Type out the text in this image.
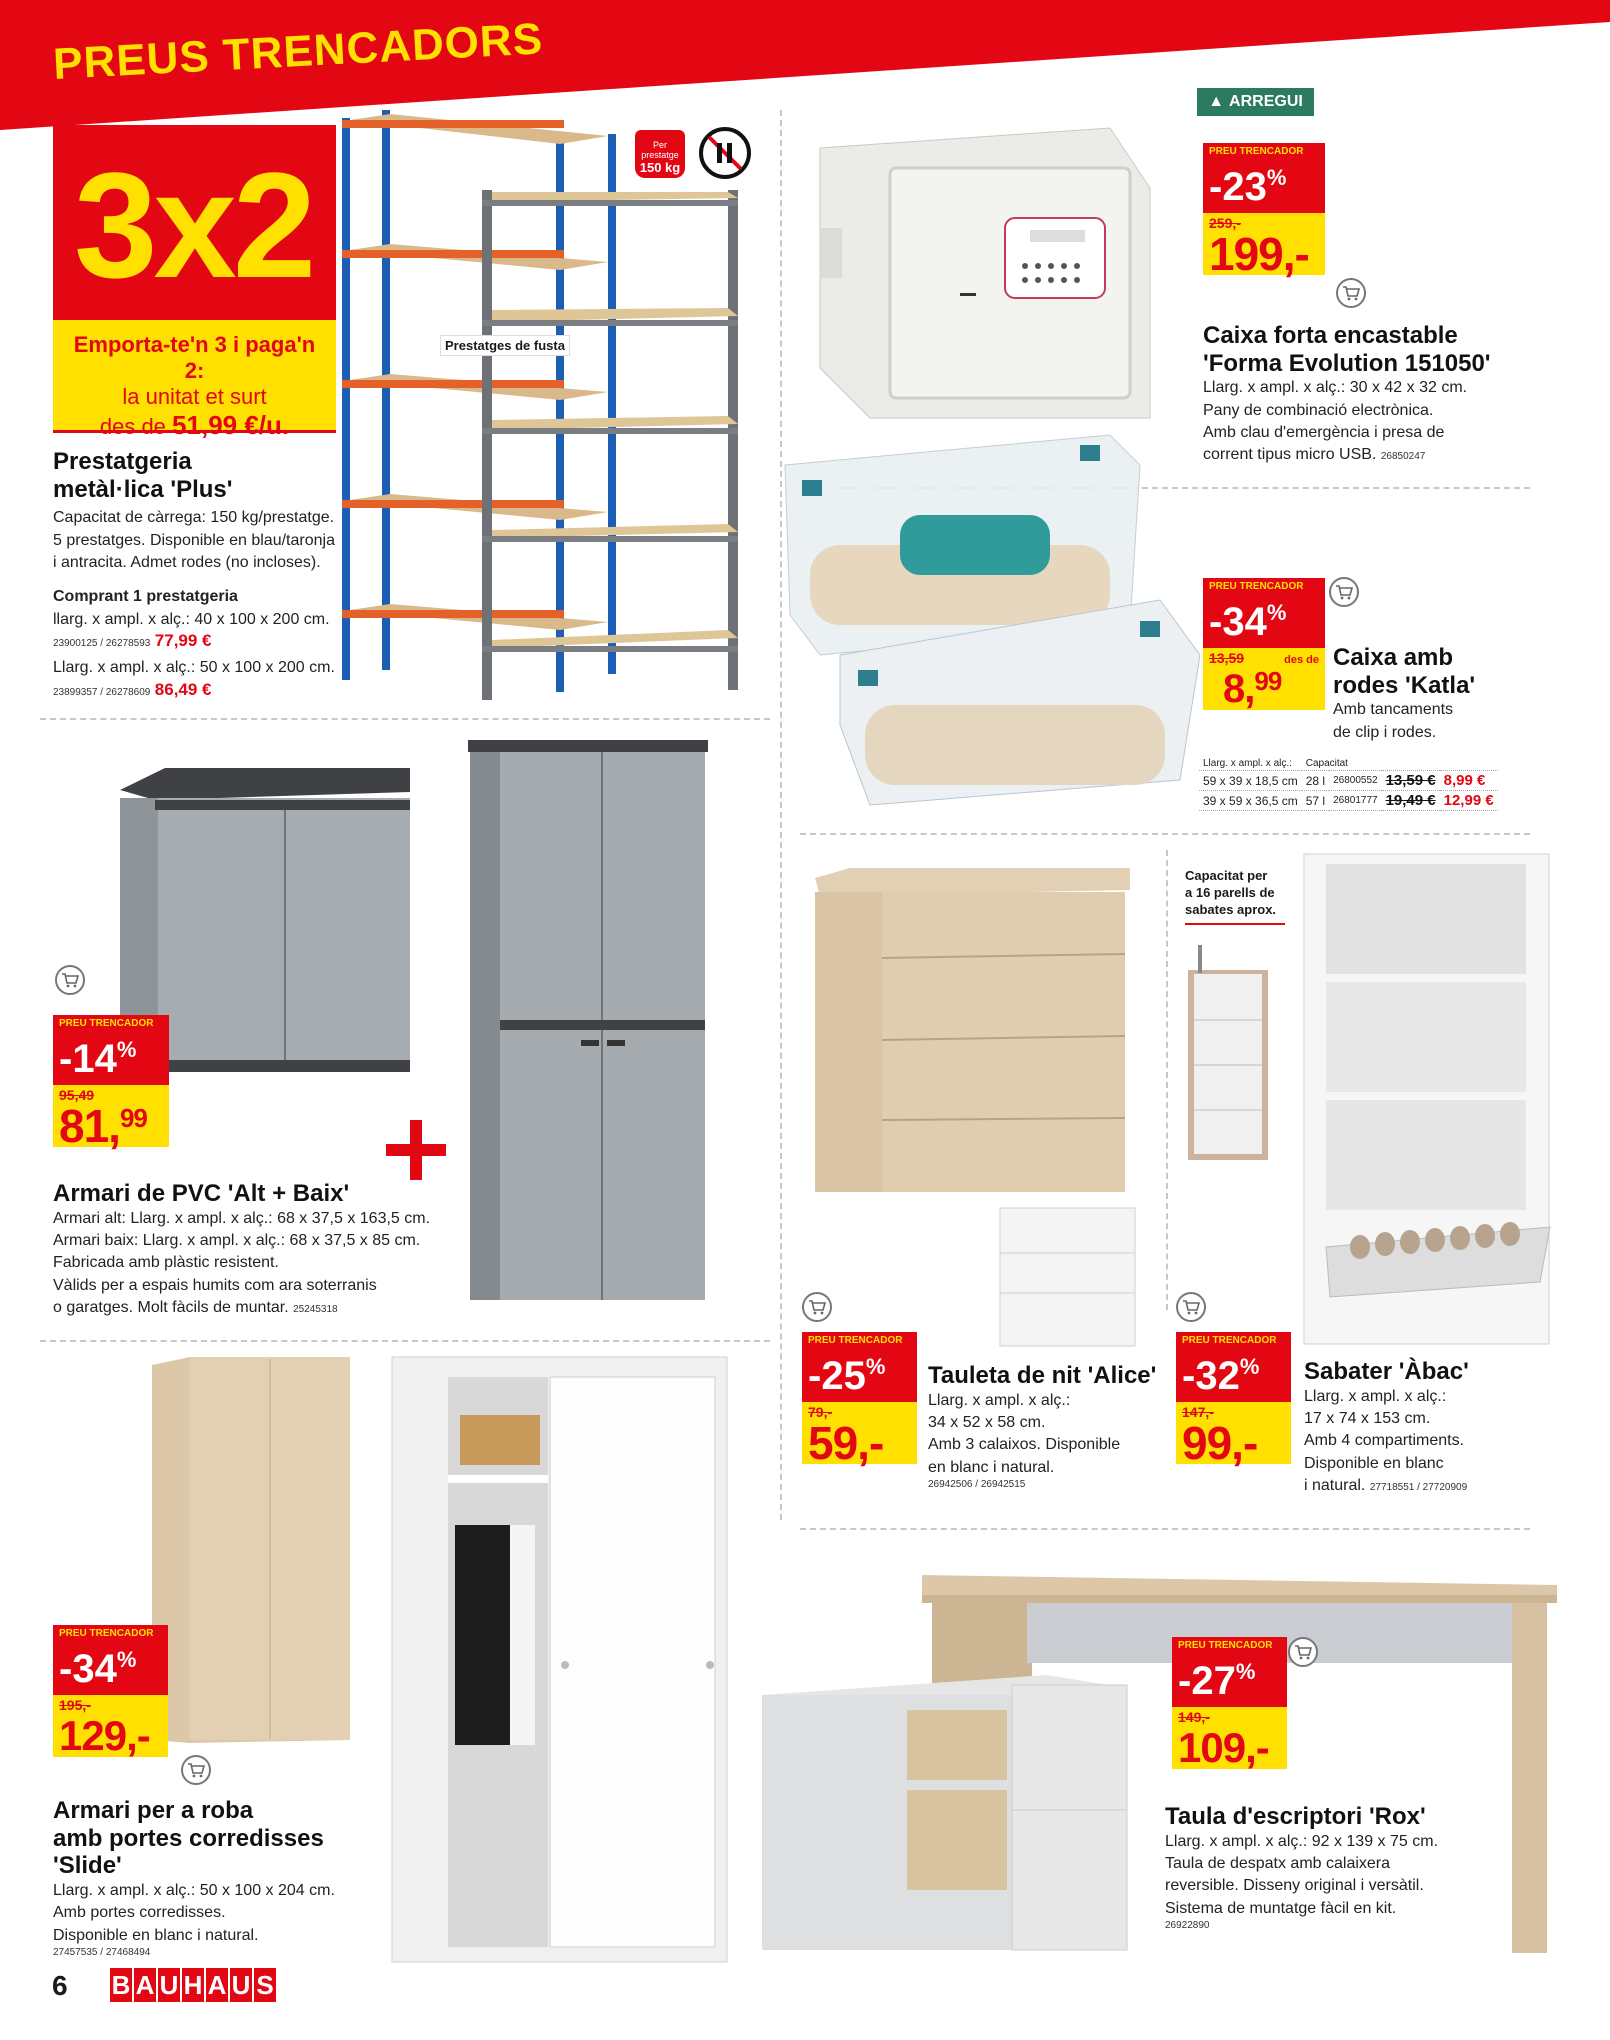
PREUS TRENCADORS
3x2
Emporta-te'n 3 i paga'n 2:
la unitat et surt
des de 51,99 €/u.
Prestatges de fusta
Per prestatge
150 kg
Prestatgeria
metàl·lica 'Plus'
Capacitat de càrrega: 150 kg/prestatge.
5 prestatges. Disponible en blau/taronja
i antracita. Admet rodes (no incloses).
Comprant 1 prestatgeria
llarg. x ampl. x alç.: 40 x 100 x 200 cm.
23900125 / 26278593 77,99 €
Llarg. x ampl. x alç.: 50 x 100 x 200 cm.
23899357 / 26278609 86,49 €
▲ ARREGUI
PREU TRENCADOR
-23%
259,-
199,-
Caixa forta encastable
'Forma Evolution 151050'
Llarg. x ampl. x alç.: 30 x 42 x 32 cm.
Pany de combinació electrònica.
Amb clau d'emergència i presa de
corrent tipus micro USB. 26850247
PREU TRENCADOR
-34%
13,59	des de
8,99
Caixa amb
rodes 'Katla'
Amb tancaments
de clip i rodes.
Llarg. x ampl. x alç.:	Capacitat			
59 x 39 x 18,5 cm	28 l	26800552	13,59 €	8,99 €
39 x 59 x 36,5 cm	57 l	26801777	19,49 €	12,99 €
PREU TRENCADOR
-14%
95,49
81,99
Armari de PVC 'Alt + Baix'
Armari alt: Llarg. x ampl. x alç.: 68 x 37,5 x 163,5 cm.
Armari baix: Llarg. x ampl. x alç.: 68 x 37,5 x 85 cm.
Fabricada amb plàstic resistent.
Vàlids per a espais humits com ara soterranis
o garatges. Molt fàcils de muntar. 25245318
PREU TRENCADOR
-25%
79,-
59,-
Tauleta de nit 'Alice'
Llarg. x ampl. x alç.:
34 x 52 x 58 cm.
Amb 3 calaixos. Disponible
en blanc i natural.
26942506 / 26942515
Capacitat per
a 16 parells de
sabates aprox.
PREU TRENCADOR
-32%
147,-
99,-
Sabater 'Àbac'
Llarg. x ampl. x alç.:
17 x 74 x 153 cm.
Amb 4 compartiments.
Disponible en blanc
i natural. 27718551 / 27720909
PREU TRENCADOR
-34%
195,-
129,-
Armari per a roba
amb portes corredisses 'Slide'
Llarg. x ampl. x alç.: 50 x 100 x 204 cm.
Amb portes corredisses.
Disponible en blanc i natural.
27457535 / 27468494
PREU TRENCADOR
-27%
149,-
109,-
Taula d'escriptori 'Rox'
Llarg. x ampl. x alç.: 92 x 139 x 75 cm.
Taula de despatx amb calaixera
reversible. Disseny original i versàtil.
Sistema de muntatge fàcil en kit.
26922890
6 B A U H A U S
